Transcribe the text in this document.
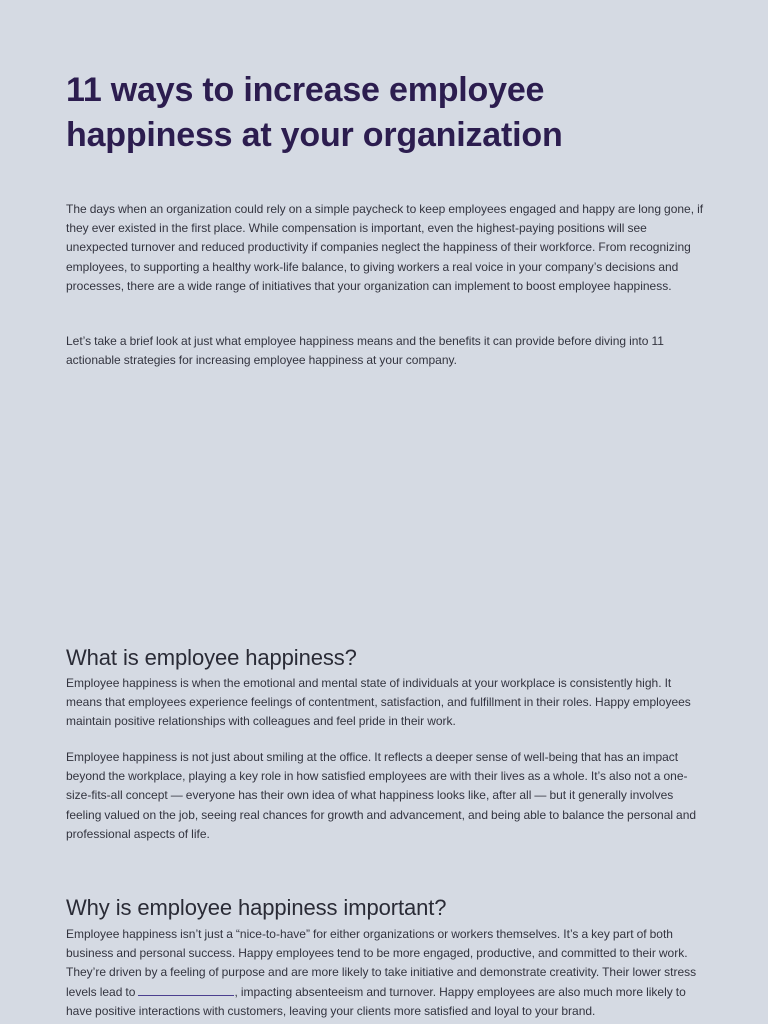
11 ways to increase employee happiness at your organization

The days when an organization could rely on a simple paycheck to keep employees engaged and happy are long gone, if they ever existed in the first place. While compensation is important, even the highest-paying positions will see unexpected turnover and reduced productivity if companies neglect the happiness of their workforce. From recognizing employees, to supporting a healthy work-life balance, to giving workers a real voice in your company’s decisions and processes, there are a wide range of initiatives that your organization can implement to boost employee happiness.

Let’s take a brief look at just what employee happiness means and the benefits it can provide before diving into 11 actionable strategies for increasing employee happiness at your company.

What is employee happiness?

Employee happiness is when the emotional and mental state of individuals at your workplace is consistently high. It means that employees experience feelings of contentment, satisfaction, and fulfillment in their roles. Happy employees maintain positive relationships with colleagues and feel pride in their work.

Employee happiness is not just about smiling at the office. It reflects a deeper sense of well-being that has an impact beyond the workplace, playing a key role in how satisfied employees are with their lives as a whole. It’s also not a one-size-fits-all concept — everyone has their own idea of what happiness looks like, after all — but it generally involves feeling valued on the job, seeing real chances for growth and advancement, and being able to balance the personal and professional aspects of life.

Why is employee happiness important?

Employee happiness isn’t just a “nice-to-have” for either organizations or workers themselves. It’s a key part of both business and personal success. Happy employees tend to be more engaged, productive, and committed to their work. They’re driven by a feeling of purpose and are more likely to take initiative and demonstrate creativity. Their lower stress levels lead to	, impacting absenteeism and turnover. Happy employees are also much more likely to have positive interactions with customers, leaving your clients more satisfied and loyal to your brand.
